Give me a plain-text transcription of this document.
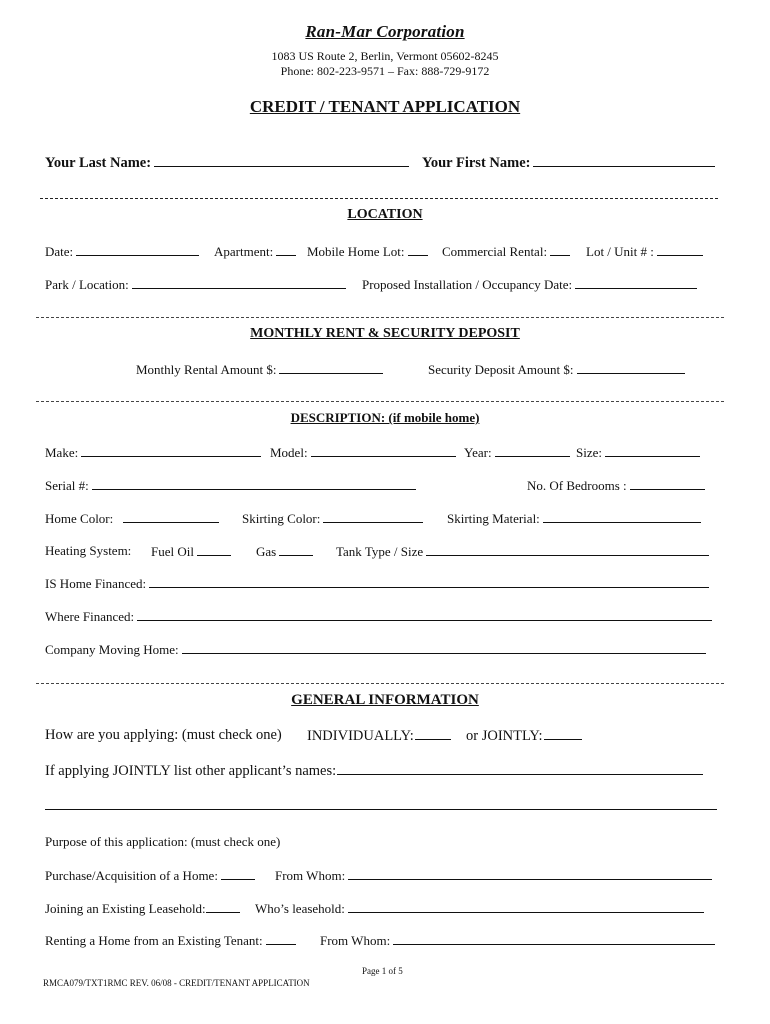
Ran-Mar Corporation
1083 US Route 2, Berlin, Vermont 05602-8245
Phone: 802-223-9571 – Fax: 888-729-9172
CREDIT / TENANT APPLICATION
Your Last Name:	Your First Name:
LOCATION
Date:	Apartment:	Mobile Home Lot:	Commercial Rental:	Lot / Unit # :
Park / Location:	Proposed Installation / Occupancy Date:
MONTHLY RENT & SECURITY DEPOSIT
Monthly Rental Amount $:	Security Deposit Amount $:
DESCRIPTION: (if mobile home)
Make:	Model:	Year:	Size:
Serial #:	No. Of Bedrooms :
Home Color:	Skirting Color:	Skirting Material:
Heating System: Fuel Oil	Gas	Tank Type / Size
IS Home Financed:
Where Financed:
Company Moving Home:
GENERAL INFORMATION
How are you applying: (must check one) INDIVIDUALLY:	or JOINTLY:
If applying JOINTLY list other applicant’s names:
Purpose of this application: (must check one)
Purchase/Acquisition of a Home:	From Whom:
Joining an Existing Leasehold:	Who’s leasehold:
Renting a Home from an Existing Tenant:	From Whom:
Page 1 of 5
RMCA079/TXT1RMC REV. 06/08 - CREDIT/TENANT APPLICATION
